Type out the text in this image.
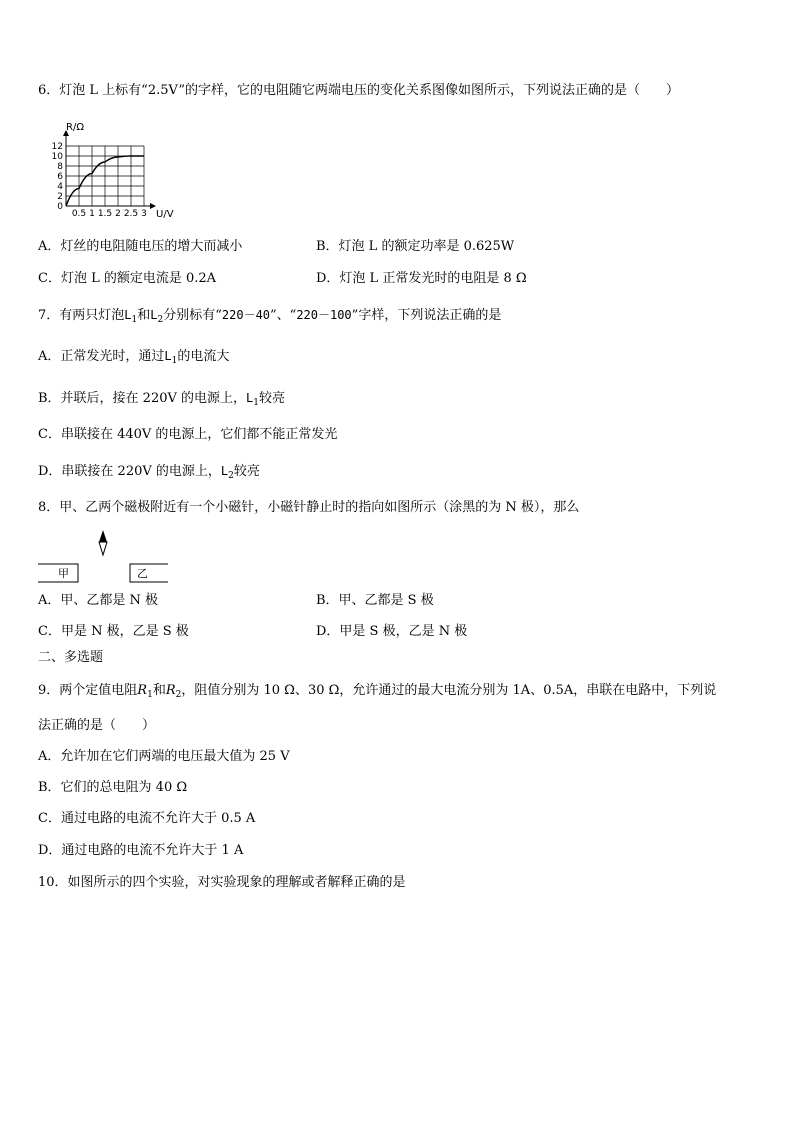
6．灯泡 L 上标有“2.5V”的字样，它的电阻随它两端电压的变化关系图像如图所示，下列说法正确的是（　　）
12
10
8
6
4
2
0
0.5 1 1.5 2 2.5 3
R/Ω
U/V
A．灯丝的电阻随电压的增大而减小	B．灯泡 L 的额定功率是 0.625W
C．灯泡 L 的额定电流是 0.2A	D．灯泡 L 正常发光时的电阻是 8 Ω
7．有两只灯泡$L_1$和$L_2$分别标有“220－40”、“220－100”字样，下列说法正确的是
A．正常发光时，通过$L_1$的电流大
B．并联后，接在 220V 的电源上，$L_1$较亮
C．串联接在 440V 的电源上，它们都不能正常发光
D．串联接在 220V 的电源上，$L_2$较亮
8．甲、乙两个磁极附近有一个小磁针，小磁针静止时的指向如图所示（涂黑的为 N 极），那么
甲	乙
A．甲、乙都是 N 极	B．甲、乙都是 S 极
C．甲是 N 极，乙是 S 极	D．甲是 S 极，乙是 N 极
二、多选题
9．两个定值电阻$R_1$和$R_2$，阻值分别为 10 Ω、30 Ω，允许通过的最大电流分别为 1A、0.5A，串联在电路中，下列说
法正确的是（　　）
A．允许加在它们两端的电压最大值为 25 V
B．它们的总电阻为 40 Ω
C．通过电路的电流不允许大于 0.5 A
D．通过电路的电流不允许大于 1 A
10．如图所示的四个实验，对实验现象的理解或者解释正确的是
